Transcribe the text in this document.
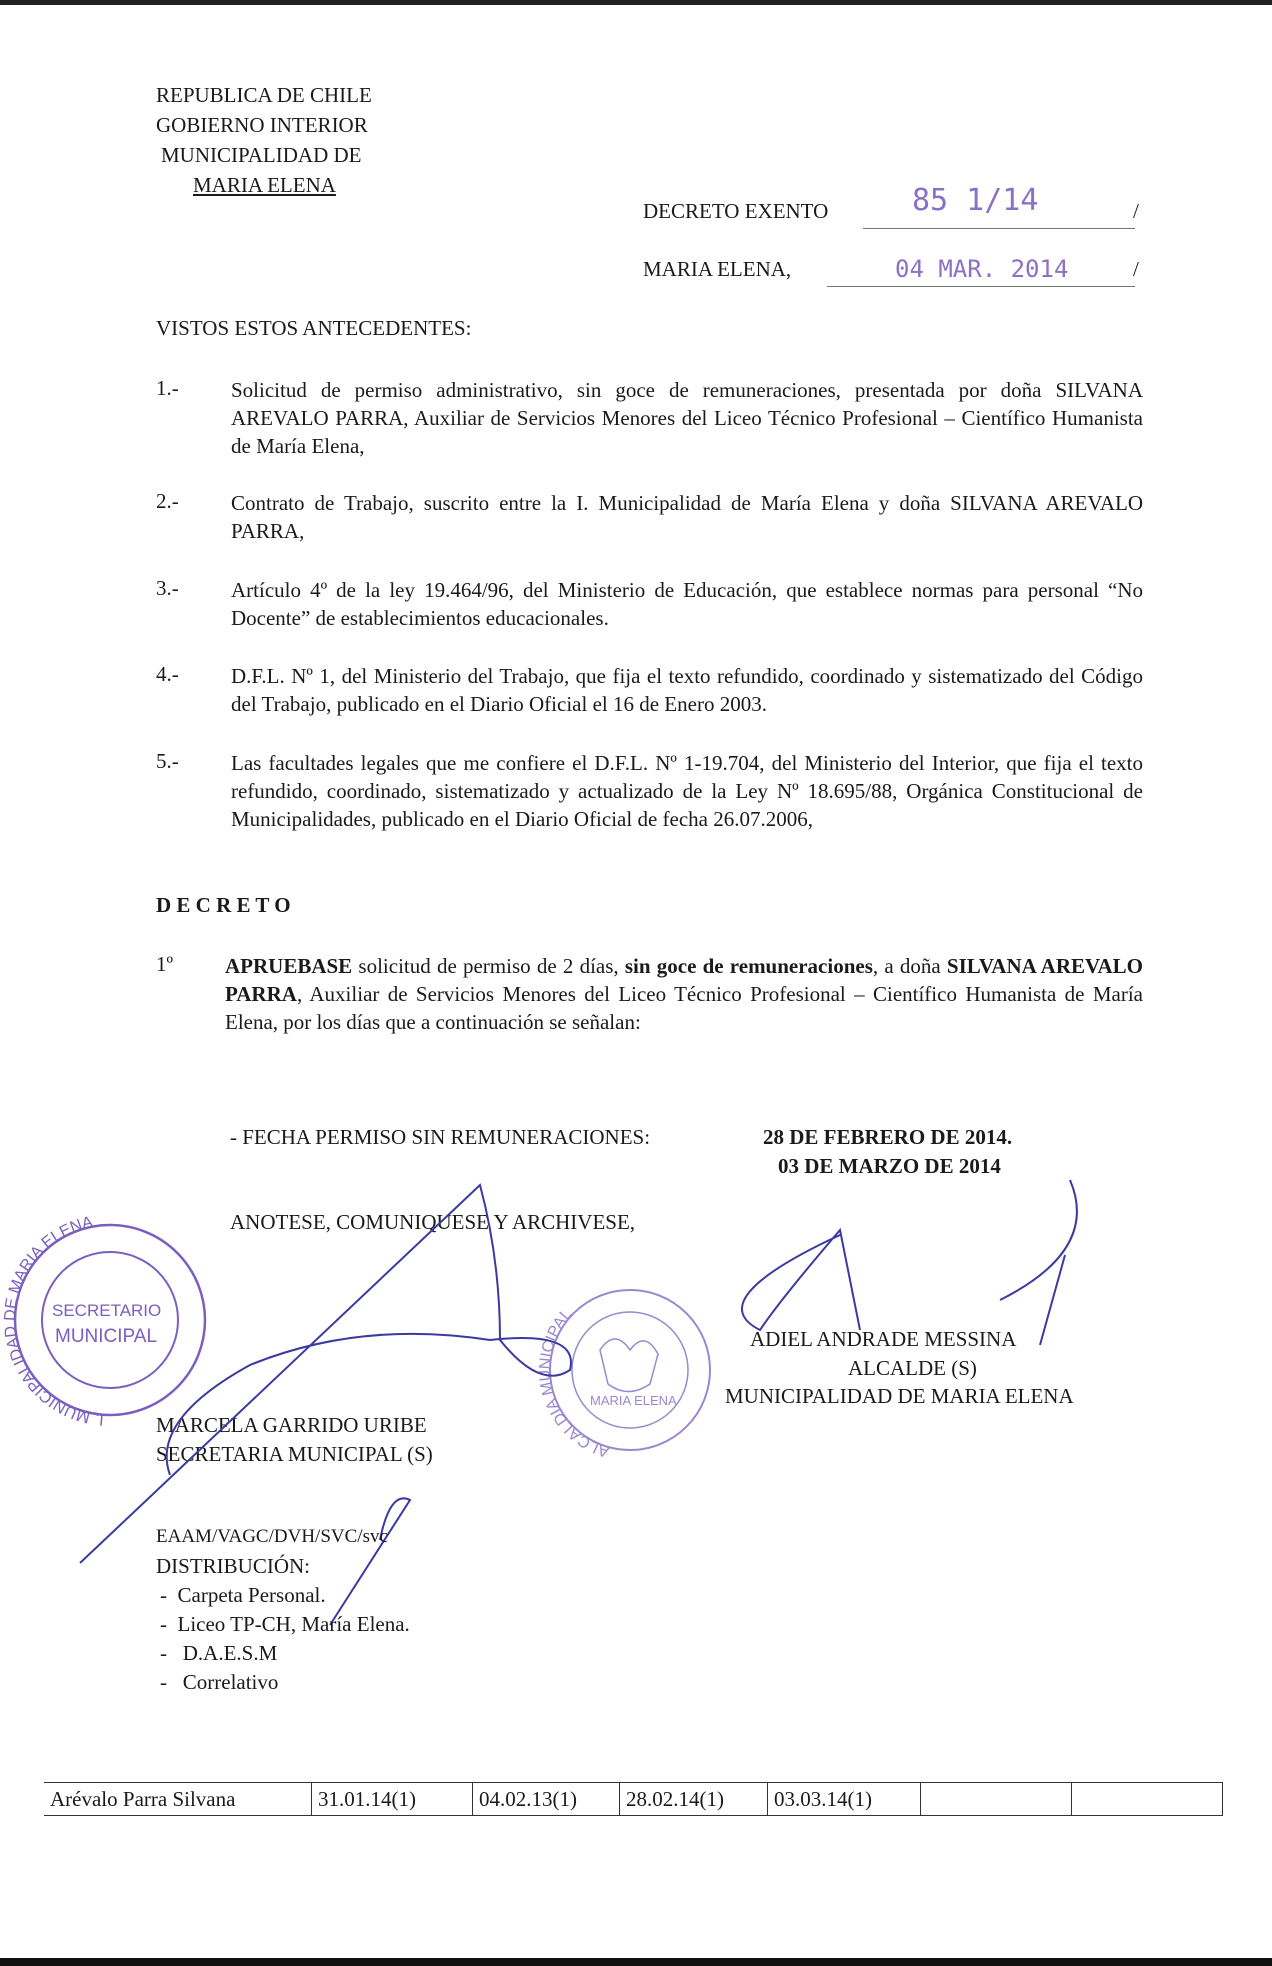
REPUBLICA DE CHILE
GOBIERNO INTERIOR
MUNICIPALIDAD DE
MARIA ELENA
DECRETO EXENTO	85 1/14	/
MARIA ELENA,	04 MAR. 2014	/
VISTOS ESTOS ANTECEDENTES:
1.- Solicitud de permiso administrativo, sin goce de remuneraciones, presentada por doña SILVANA AREVALO PARRA, Auxiliar de Servicios Menores del Liceo Técnico Profesional – Científico Humanista de María Elena,
2.- Contrato de Trabajo, suscrito entre la I. Municipalidad de María Elena y doña SILVANA AREVALO PARRA,
3.- Artículo 4º de la ley 19.464/96, del Ministerio de Educación, que establece normas para personal “No Docente” de establecimientos educacionales.
4.- D.F.L. Nº 1, del Ministerio del Trabajo, que fija el texto refundido, coordinado y sistematizado del Código del Trabajo, publicado en el Diario Oficial el 16 de Enero 2003.
5.- Las facultades legales que me confiere el D.F.L. Nº 1-19.704, del Ministerio del Interior, que fija el texto refundido, coordinado, sistematizado y actualizado de la Ley Nº 18.695/88, Orgánica Constitucional de Municipalidades, publicado en el Diario Oficial de fecha 26.07.2006,
D E C R E T O
1º APRUEBASE solicitud de permiso de 2 días, sin goce de remuneraciones, a doña SILVANA AREVALO PARRA, Auxiliar de Servicios Menores del Liceo Técnico Profesional – Científico Humanista de María Elena, por los días que a continuación se señalan:
- FECHA PERMISO SIN REMUNERACIONES:	28 DE FEBRERO DE 2014.
03 DE MARZO DE 2014
ANOTESE, COMUNIQUESE Y ARCHIVESE,
ADIEL ANDRADE MESSINA
ALCALDE (S)
MUNICIPALIDAD DE MARIA ELENA
MARCELA GARRIDO URIBE
SECRETARIA MUNICIPAL (S)
I. MUNICIPALIDAD DE MARIA ELENA
SECRETARIO
MUNICIPAL
ALCALDIA MUNICIPAL
MARIA ELENA
EAAM/VAGC/DVH/SVC/svc
DISTRIBUCIÓN:
-  Carpeta Personal.
-  Liceo TP-CH, María Elena.
-   D.A.E.S.M
-   Correlativo
Arévalo Parra Silvana	31.01.14(1)	04.02.13(1)	28.02.14(1)	03.03.14(1)		
